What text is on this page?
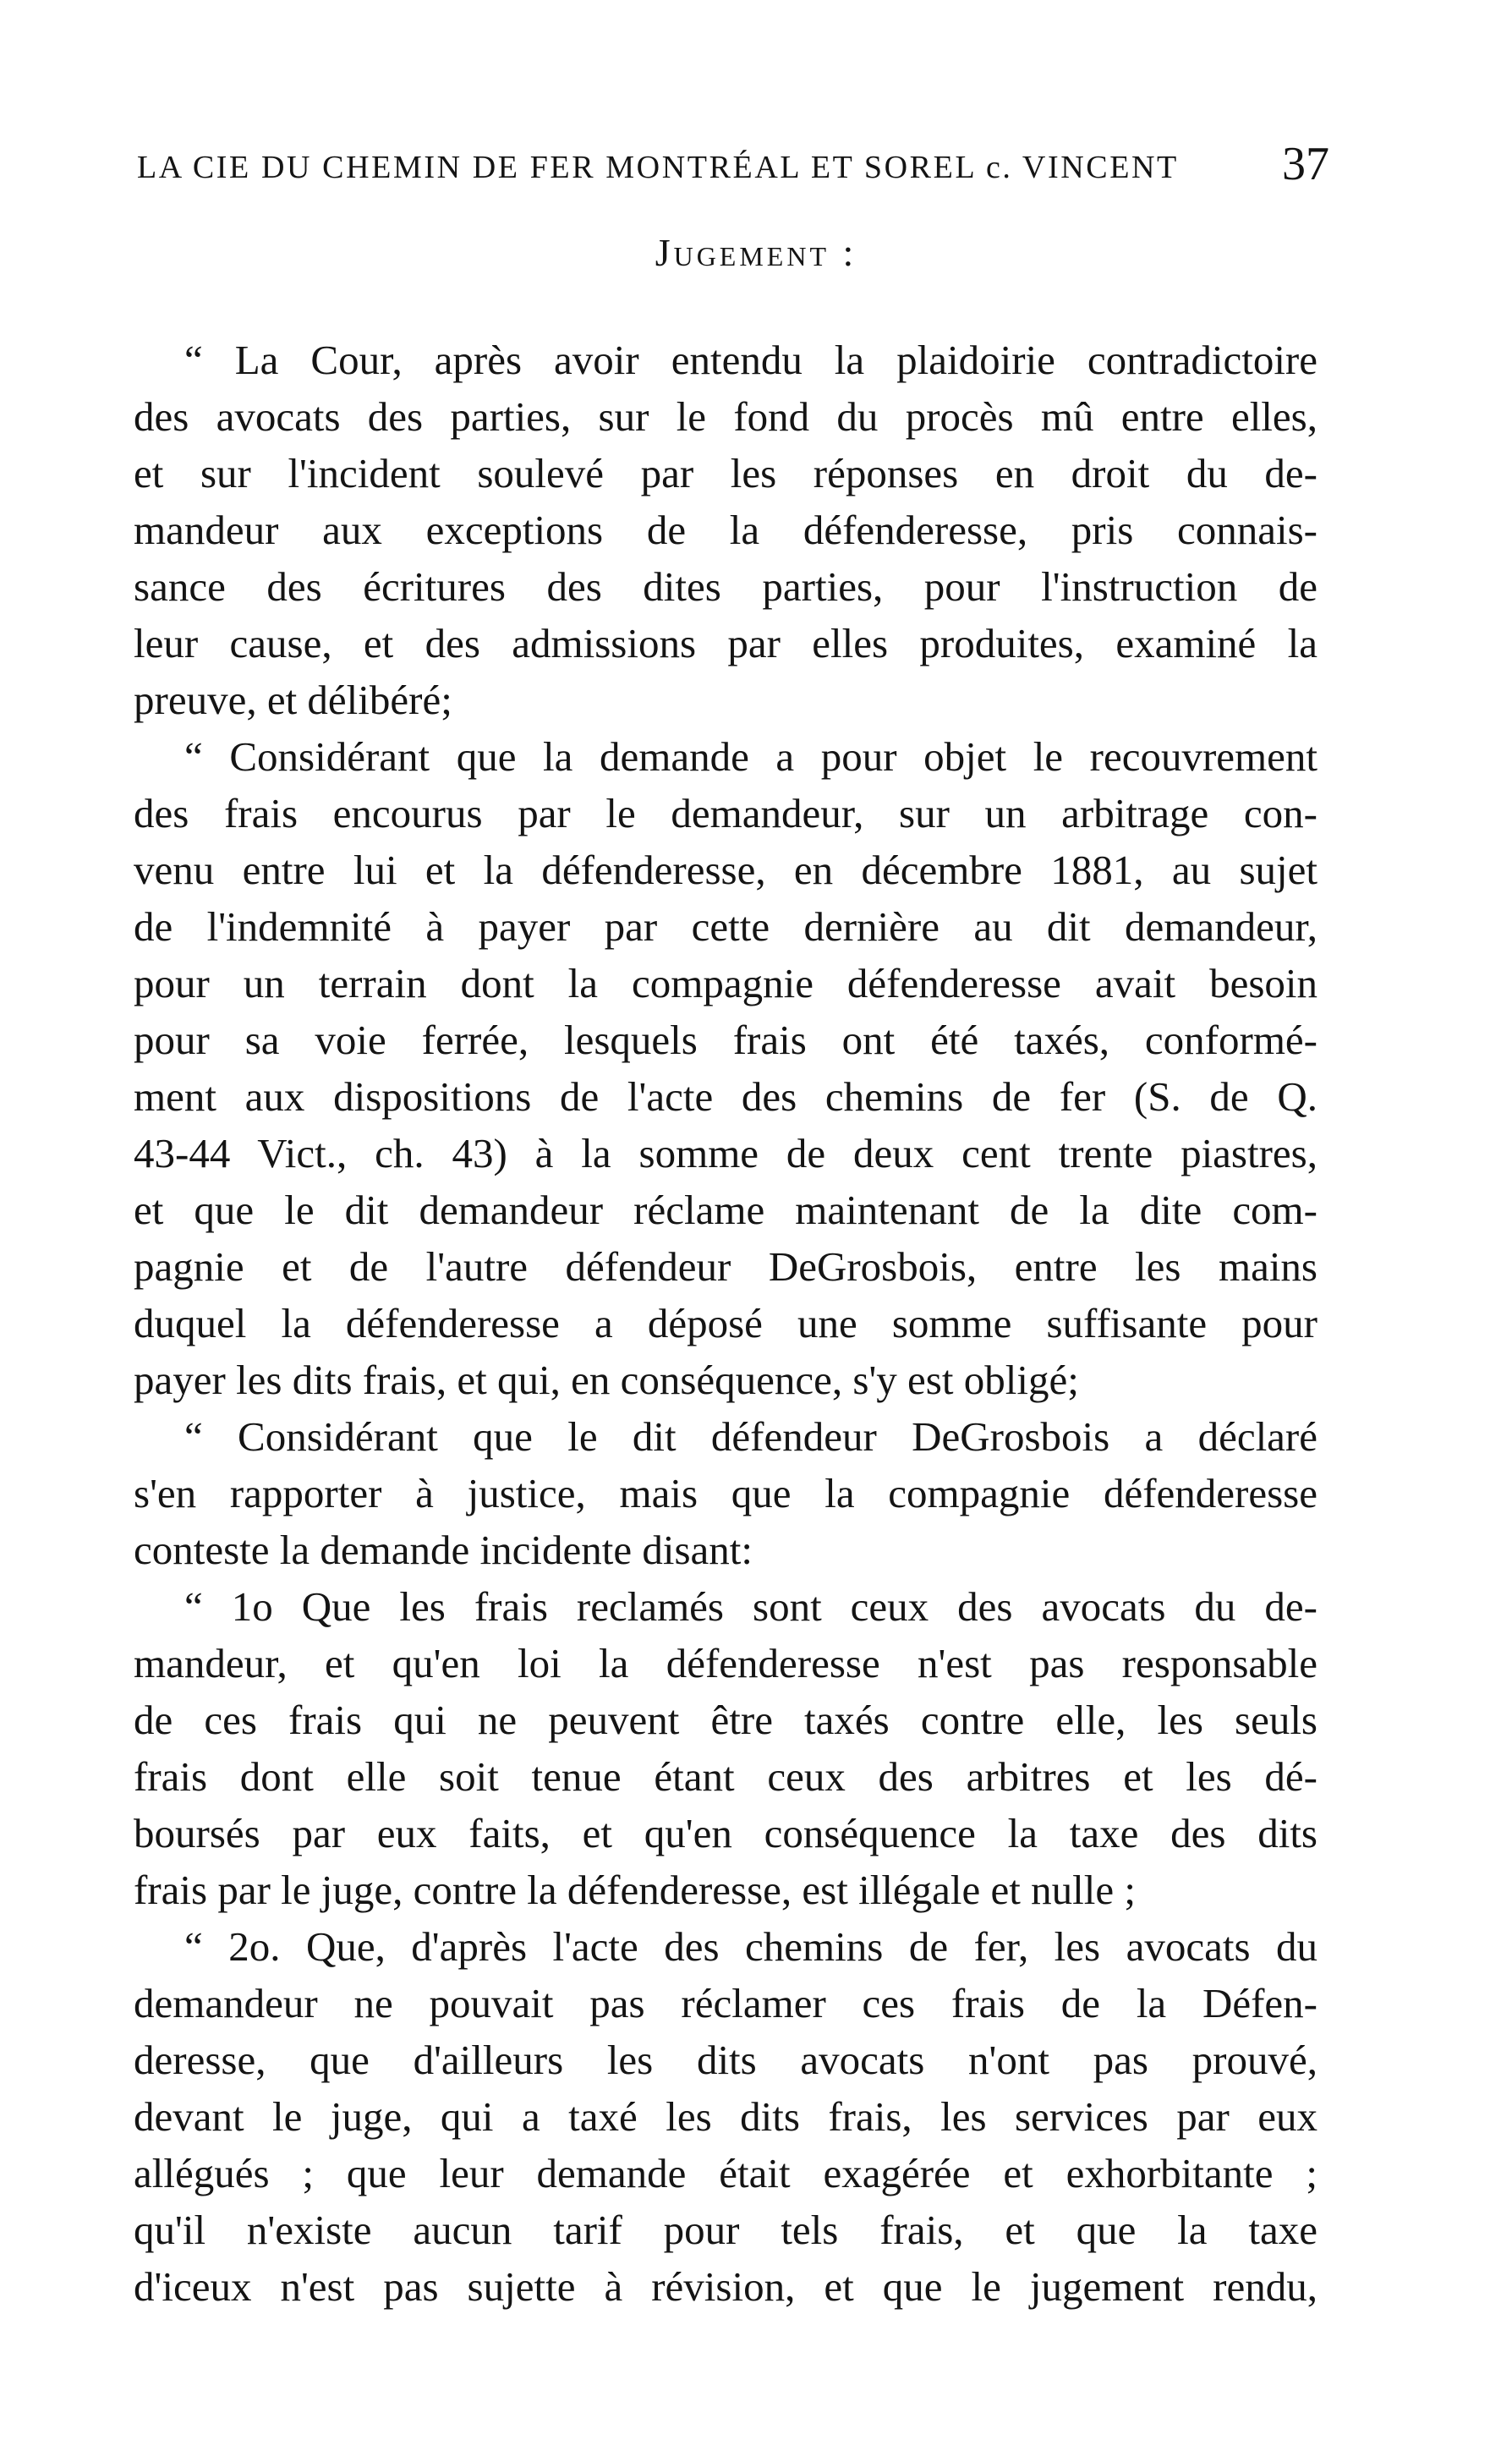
LA CIE DU CHEMIN DE FER MONTRÉAL ET SOREL c. VINCENT 37
Jugement :
“ La Cour, après avoir entendu la plaidoirie contradictoire
des avocats des parties, sur le fond du procès mû entre elles,
et sur l'incident soulevé par les réponses en droit du de-
mandeur aux exceptions de la défenderesse, pris connais-
sance des écritures des dites parties, pour l'instruction de
leur cause, et des admissions par elles produites, examiné la
preuve, et délibéré;
“ Considérant que la demande a pour objet le recouvrement
des frais encourus par le demandeur, sur un arbitrage con-
venu entre lui et la défenderesse, en décembre 1881, au sujet
de l'indemnité à payer par cette dernière au dit demandeur,
pour un terrain dont la compagnie défenderesse avait besoin
pour sa voie ferrée, lesquels frais ont été taxés, conformé-
ment aux dispositions de l'acte des chemins de fer (S. de Q.
43-44 Vict., ch. 43) à la somme de deux cent trente piastres,
et que le dit demandeur réclame maintenant de la dite com-
pagnie et de l'autre défendeur DeGrosbois, entre les mains
duquel la défenderesse a déposé une somme suffisante pour
payer les dits frais, et qui, en conséquence, s'y est obligé;
“ Considérant que le dit défendeur DeGrosbois a déclaré
s'en rapporter à justice, mais que la compagnie défenderesse
conteste la demande incidente disant:
“ 1o Que les frais reclamés sont ceux des avocats du de-
mandeur, et qu'en loi la défenderesse n'est pas responsable
de ces frais qui ne peuvent être taxés contre elle, les seuls
frais dont elle soit tenue étant ceux des arbitres et les dé-
boursés par eux faits, et qu'en conséquence la taxe des dits
frais par le juge, contre la défenderesse, est illégale et nulle ;
“ 2o. Que, d'après l'acte des chemins de fer, les avocats du
demandeur ne pouvait pas réclamer ces frais de la Défen-
deresse, que d'ailleurs les dits avocats n'ont pas prouvé,
devant le juge, qui a taxé les dits frais, les services par eux
allégués ; que leur demande était exagérée et exhorbitante ;
qu'il n'existe aucun tarif pour tels frais, et que la taxe
d'iceux n'est pas sujette à révision, et que le jugement rendu,
